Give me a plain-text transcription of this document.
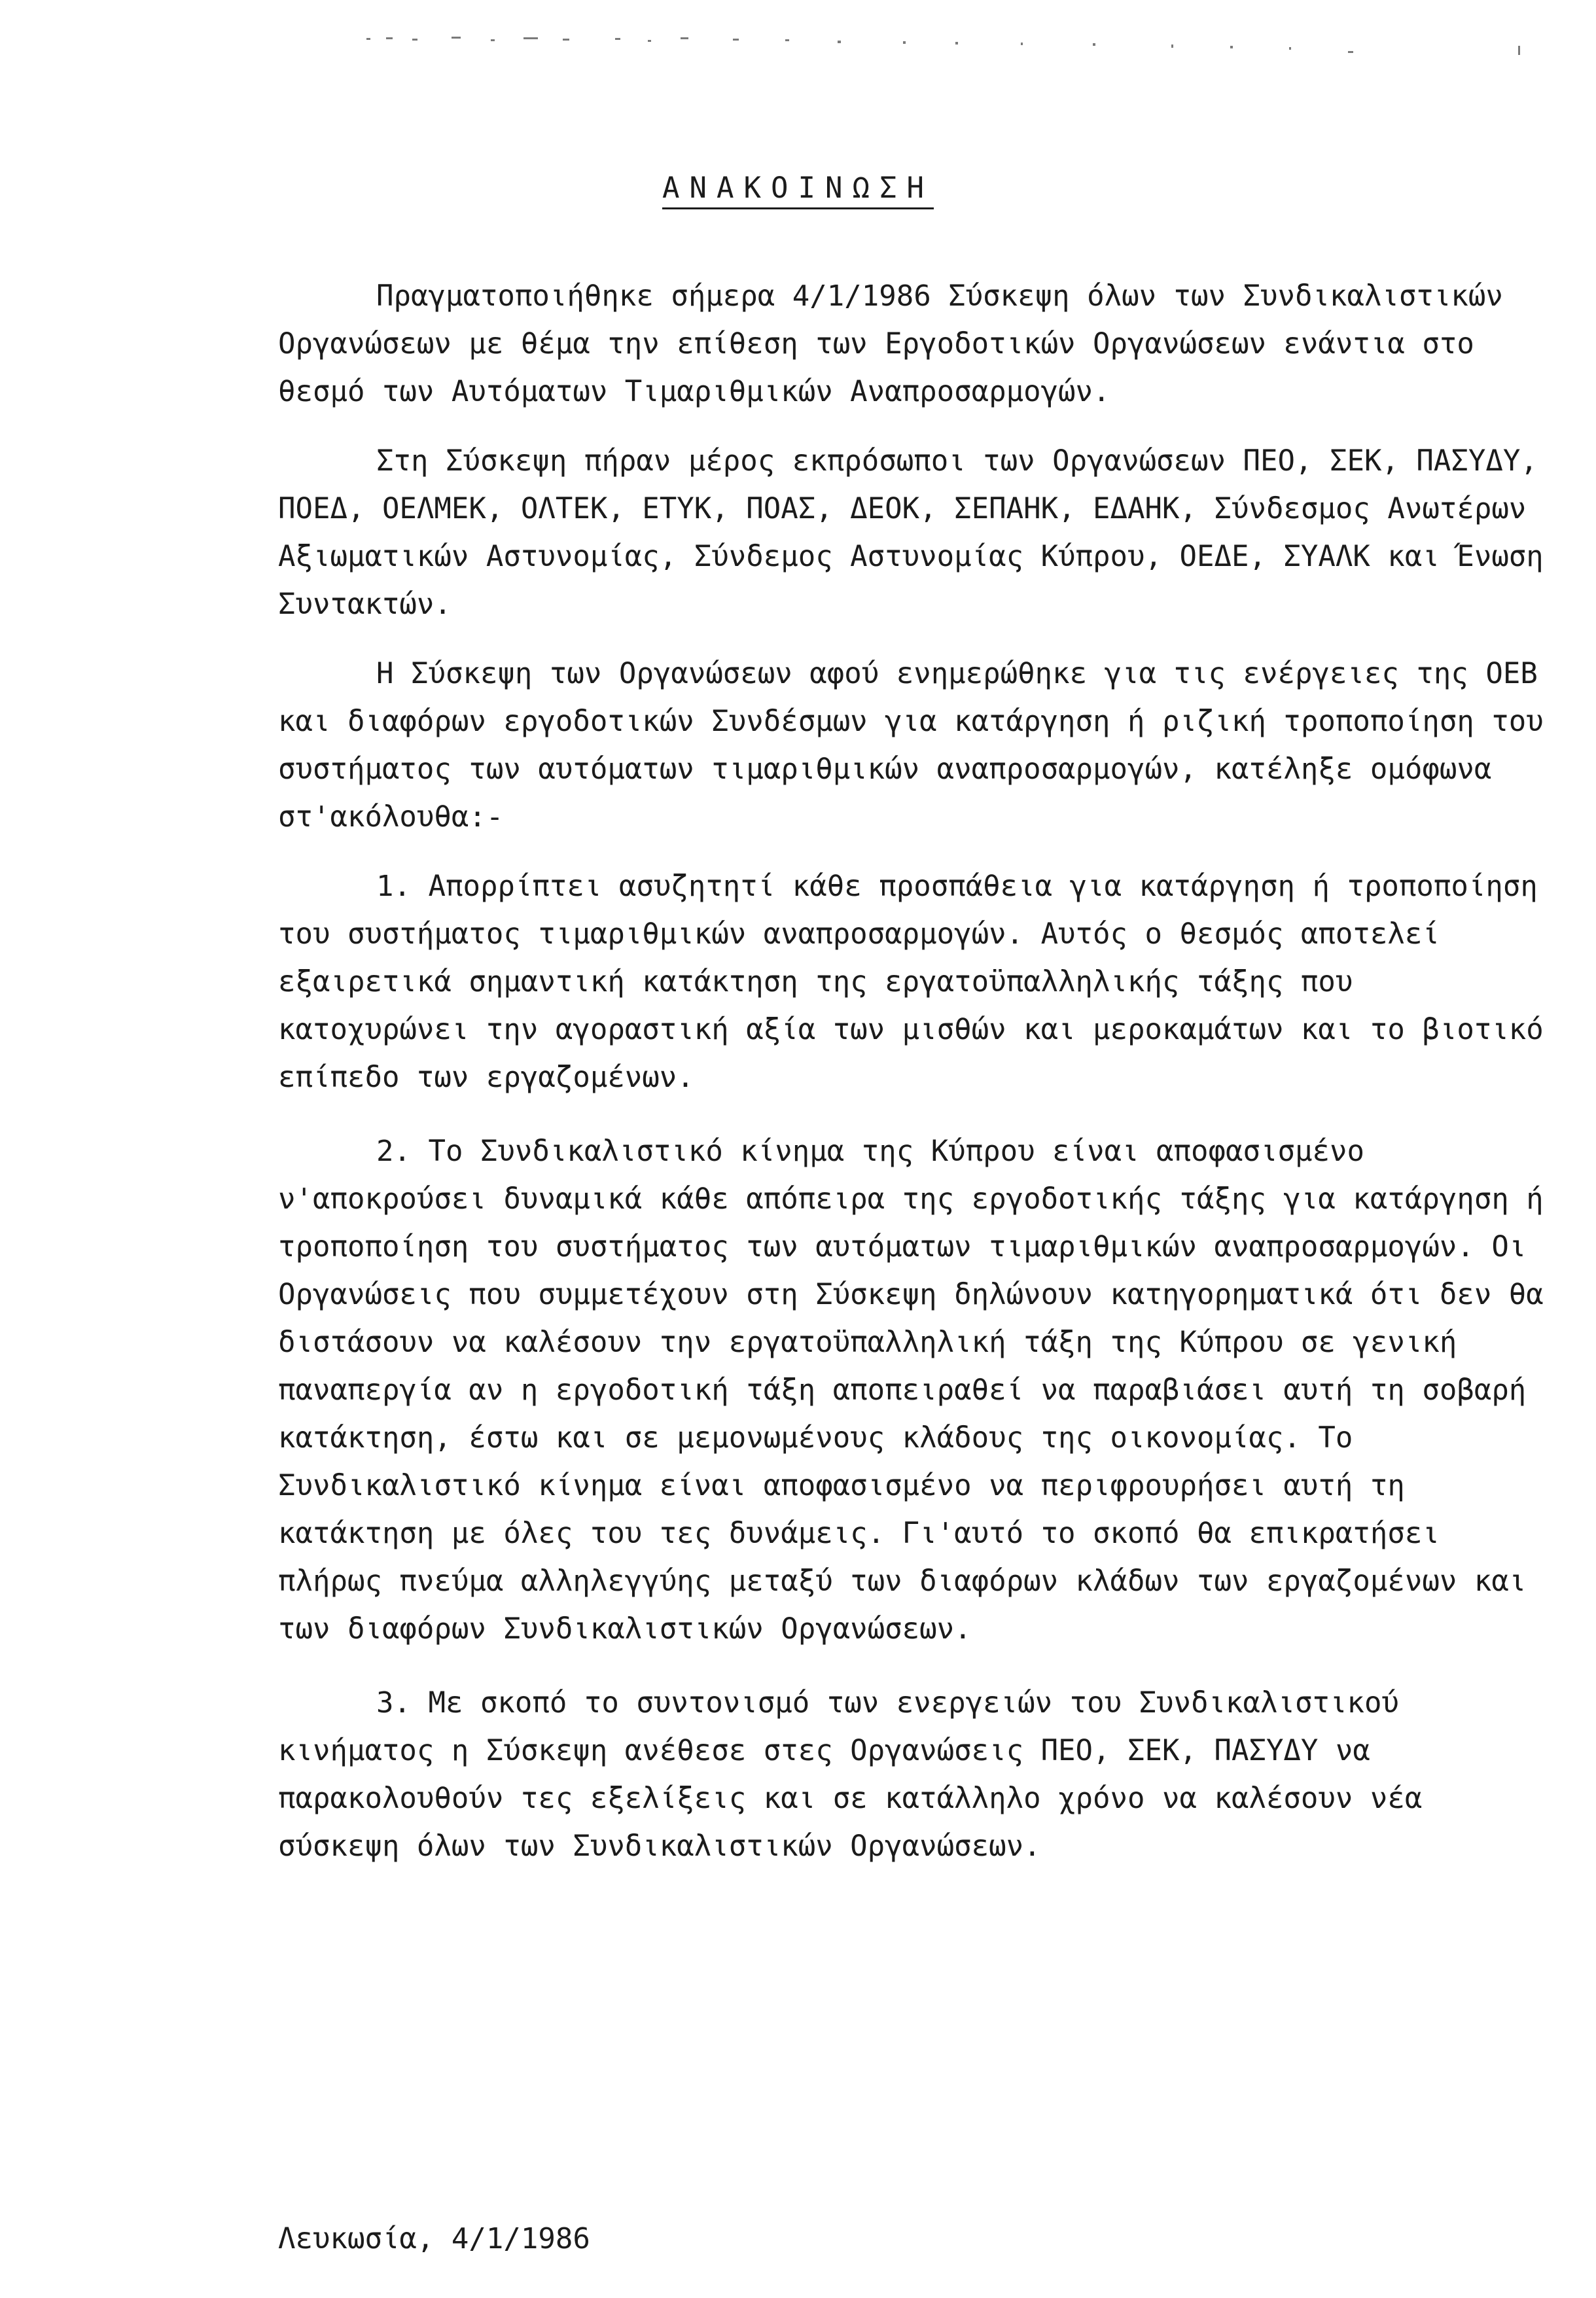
ΑΝΑΚΟΙΝΩΣΗ

Πραγματοποιήθηκε σήμερα 4/1/1986 Σύσκεψη όλων των Συνδικαλιστικών Οργανώσεων με θέμα την επίθεση των Εργοδοτικών Οργανώσεων ενάντια στο θεσμό των Αυτόματων Τιμαριθμικών Αναπροσαρμογών.

Στη Σύσκεψη πήραν μέρος εκπρόσωποι των Οργανώσεων ΠΕΟ, ΣΕΚ, ΠΑΣΥΔΥ, ΠΟΕΔ, ΟΕΛΜΕΚ, ΟΛΤΕΚ, ΕΤΥΚ, ΠΟΑΣ, ΔΕΟΚ, ΣΕΠΑΗΚ, ΕΔΑΗΚ, Σύνδεσμος Ανωτέρων Αξιωματικών Αστυνομίας, Σύνδεμος Αστυνομίας Κύπρου, ΟΕΔΕ, ΣΥΑΛΚ και Ένωση Συντακτών.

Η Σύσκεψη των Οργανώσεων αφού ενημερώθηκε για τις ενέργειες της ΟΕΒ και διαφόρων εργοδοτικών Συνδέσμων για κατάργηση ή ριζική τροποποίηση του συστήματος των αυτόματων τιμαριθμικών αναπροσαρμογών, κατέληξε ομόφωνα στ'ακόλουθα:-

1. Απορρίπτει ασυζητητί κάθε προσπάθεια για κατάργηση ή τροποποίηση του συστήματος τιμαριθμικών αναπροσαρμογών. Αυτός ο θεσμός αποτελεί εξαιρετικά σημαντική κατάκτηση της εργατοϋπαλληλικής τάξης που κατοχυρώνει την αγοραστική αξία των μισθών και μεροκαμάτων και το βιοτικό επίπεδο των εργαζομένων.

2. Το Συνδικαλιστικό κίνημα της Κύπρου είναι αποφασισμένο ν'αποκρούσει δυναμικά κάθε απόπειρα της εργοδοτικής τάξης για κατάργηση ή τροποποίηση του συστήματος των αυτόματων τιμαριθμικών αναπροσαρμογών. Οι Οργανώσεις που συμμετέχουν στη Σύσκεψη δηλώνουν κατηγορηματικά ότι δεν θα διστάσουν να καλέσουν την εργατοϋπαλληλική τάξη της Κύπρου σε γενική παναπεργία αν η εργοδοτική τάξη αποπειραθεί να παραβιάσει αυτή τη σοβαρή κατάκτηση, έστω και σε μεμονωμένους κλάδους της οικονομίας. Το Συνδικαλιστικό κίνημα είναι αποφασισμένο να περιφρουρήσει αυτή τη κατάκτηση με όλες του τες δυνάμεις. Γι'αυτό το σκοπό θα επικρατήσει πλήρως πνεύμα αλληλεγγύης μεταξύ των διαφόρων κλάδων των εργαζομένων και των διαφόρων Συνδικαλιστικών Οργανώσεων.

3. Με σκοπό το συντονισμό των ενεργειών του Συνδικαλιστικού κινήματος η Σύσκεψη ανέθεσε στες Οργανώσεις ΠΕΟ, ΣΕΚ, ΠΑΣΥΔΥ να παρακολουθούν τες εξελίξεις και σε κατάλληλο χρόνο να καλέσουν νέα σύσκεψη όλων των Συνδικαλιστικών Οργανώσεων.

Λευκωσία, 4/1/1986
